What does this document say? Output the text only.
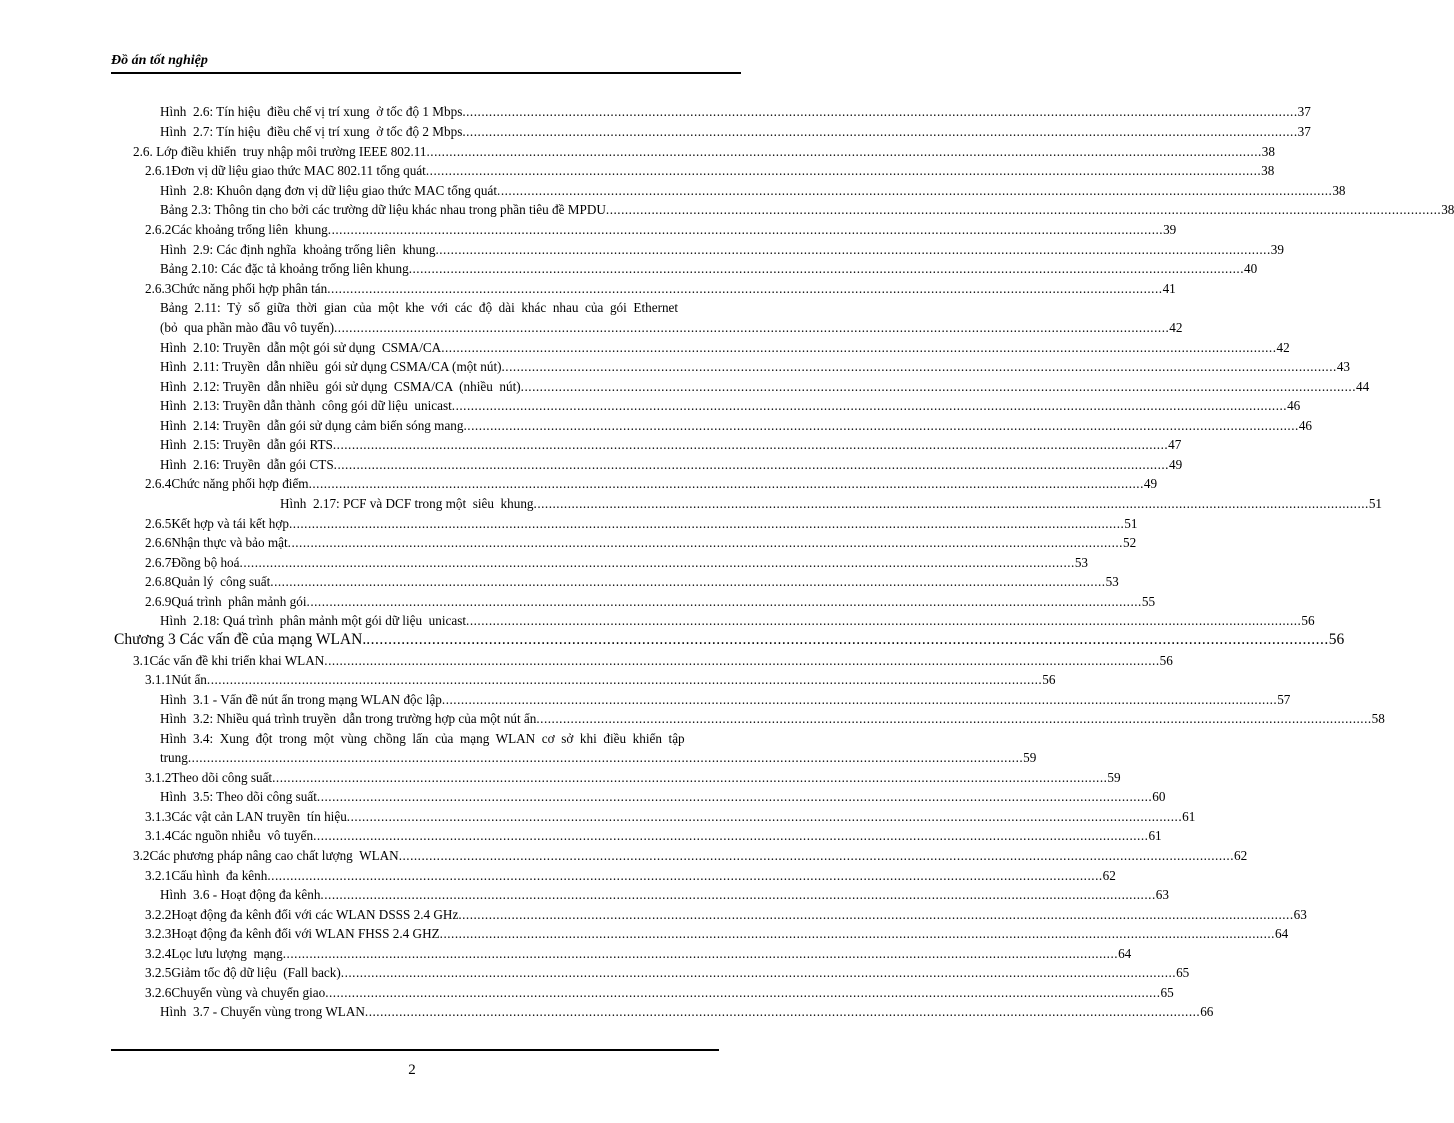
Đồ án tốt nghiệp
Hình  2.6: Tín hiệu  điều chế vị trí xung  ở tốc độ 1 Mbps .....	37
Hình  2.7: Tín hiệu  điều chế vị trí xung  ở tốc độ 2 Mbps .....	37
2.6 . Lớp điều khiển  truy nhập môi trường IEEE 802.11 .....	38
2.6.1 Đơn vị dữ liệu giao thức MAC 802.11 tổng quát .....	38
Hình  2.8: Khuôn dạng đơn vị dữ liệu giao thức MAC tổng quát .....	38
Bảng 2.3: Thông tin cho bởi các trường dữ liệu khác nhau trong phần tiêu đề MPDU .....	38
2.6.2 Các khoảng trống liên  khung .....	39
Hình  2.9: Các định nghĩa  khoảng trống liên  khung .....	39
Bảng 2.10: Các đặc tả khoảng trống liên khung .....	40
2.6.3 Chức năng phối hợp phân tán .....	41
Bảng  2.11:  Tỷ  số  giữa  thời  gian  của  một  khe  với  các  độ  dài  khác  nhau  của  gói  Ethernet
(bỏ  qua phần mào đầu vô tuyến) .....	42
Hình  2.10: Truyền  dẫn một gói sử dụng  CSMA/CA .....	42
Hình  2.11: Truyền  dẫn nhiều  gói sử dụng CSMA/CA (một nút) .....	43
Hình  2.12: Truyền  dẫn nhiều  gói sử dụng  CSMA/CA  (nhiều  nút) .....	44
Hình  2.13: Truyền dẫn thành  công gói dữ liệu  unicast .....	46
Hình  2.14: Truyền  dẫn gói sử dụng cảm biến sóng mang .....	46
Hình  2.15: Truyền  dẫn gói RTS .....	47
Hình  2.16: Truyền  dẫn gói CTS .....	49
2.6.4 Chức năng phối hợp điểm .....	49
Hình  2.17: PCF và DCF trong một  siêu  khung .....	51
2.6.5 Kết hợp và tái kết hợp .....	51
2.6.6 Nhận thực và bảo mật .....	52
2.6.7 Đồng bộ hoá .....	53
2.6.8 Quản lý  công suất .....	53
2.6.9 Quá trình  phân mảnh gói .....	55
Hình  2.18: Quá trình  phân mảnh một gói dữ liệu  unicast .....	56
Chương 3 Các vấn đề của mạng WLAN. .....	56
3.1 Các vấn đề khi triển khai WLAN .....	56
3.1.1 Nút ẩn .....	56
Hình  3.1 - Vấn đề nút ẩn trong mạng WLAN độc lập .....	57
Hình  3.2: Nhiều quá trình truyền  dẫn trong trường hợp của một nút ẩn .....	58
Hình  3.4:  Xung  đột  trong  một  vùng  chồng  lấn  của  mạng  WLAN  cơ  sở  khi  điều  khiển  tập
trung .....	59
3.1.2 Theo dõi công suất .....	59
Hình  3.5: Theo dõi công suất .....	60
3.1.3 Các vật cản LAN truyền  tín hiệu .....	61
3.1.4 Các nguồn nhiễu  vô tuyến .....	61
3.2 Các phương pháp nâng cao chất lượng  WLAN .....	62
3.2.1 Cấu hình  đa kênh .....	62
Hình  3.6 - Hoạt động đa kênh .....	63
3.2.2 Hoạt động đa kênh đối với các WLAN DSSS 2.4 GHz .....	63
3.2.3 Hoạt động đa kênh đối với WLAN FHSS 2.4 GHZ .....	64
3.2.4 Lọc lưu lượng  mạng .....	64
3.2.5 Giảm tốc độ dữ liệu  (Fall back) .....	65
3.2.6 Chuyển vùng và chuyển giao .....	65
Hình  3.7 - Chuyển vùng trong WLAN .....	66
2
